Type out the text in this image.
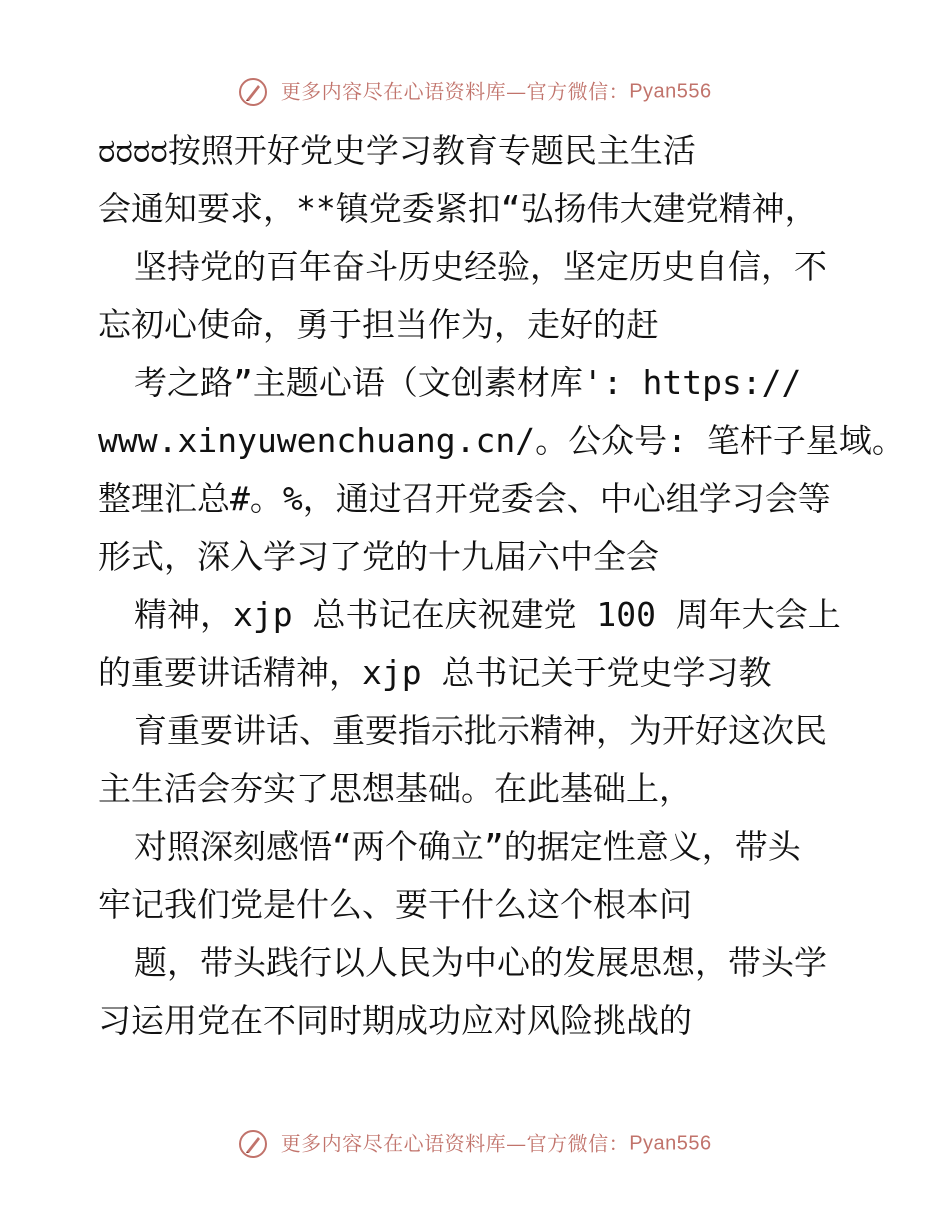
更多内容尽在心语资料库—官方微信：Pyan556
ರರರರ按照开好党史学习教育专题民主生活
会通知要求，**镇党委紧扣“弘扬伟大建党精神，
坚持党的百年奋斗历史经验，坚定历史自信，不
忘初心使命，勇于担当作为，走好的赶
考之路”主题心语（文创素材库': https://
www.xinyuwenchuang.cn/。公众号: 笔杆子星域。
整理汇总#。%，通过召开党委会、中心组学习会等
形式，深入学习了党的十九届六中全会
精神，xjp 总书记在庆祝建党 100 周年大会上
的重要讲话精神，xjp 总书记关于党史学习教
育重要讲话、重要指示批示精神，为开好这次民
主生活会夯实了思想基础。在此基础上，
对照深刻感悟“两个确立”的据定性意义，带头
牢记我们党是什么、要干什么这个根本问
题，带头践行以人民为中心的发展思想，带头学
习运用党在不同时期成功应对风险挑战的
更多内容尽在心语资料库—官方微信：Pyan556
